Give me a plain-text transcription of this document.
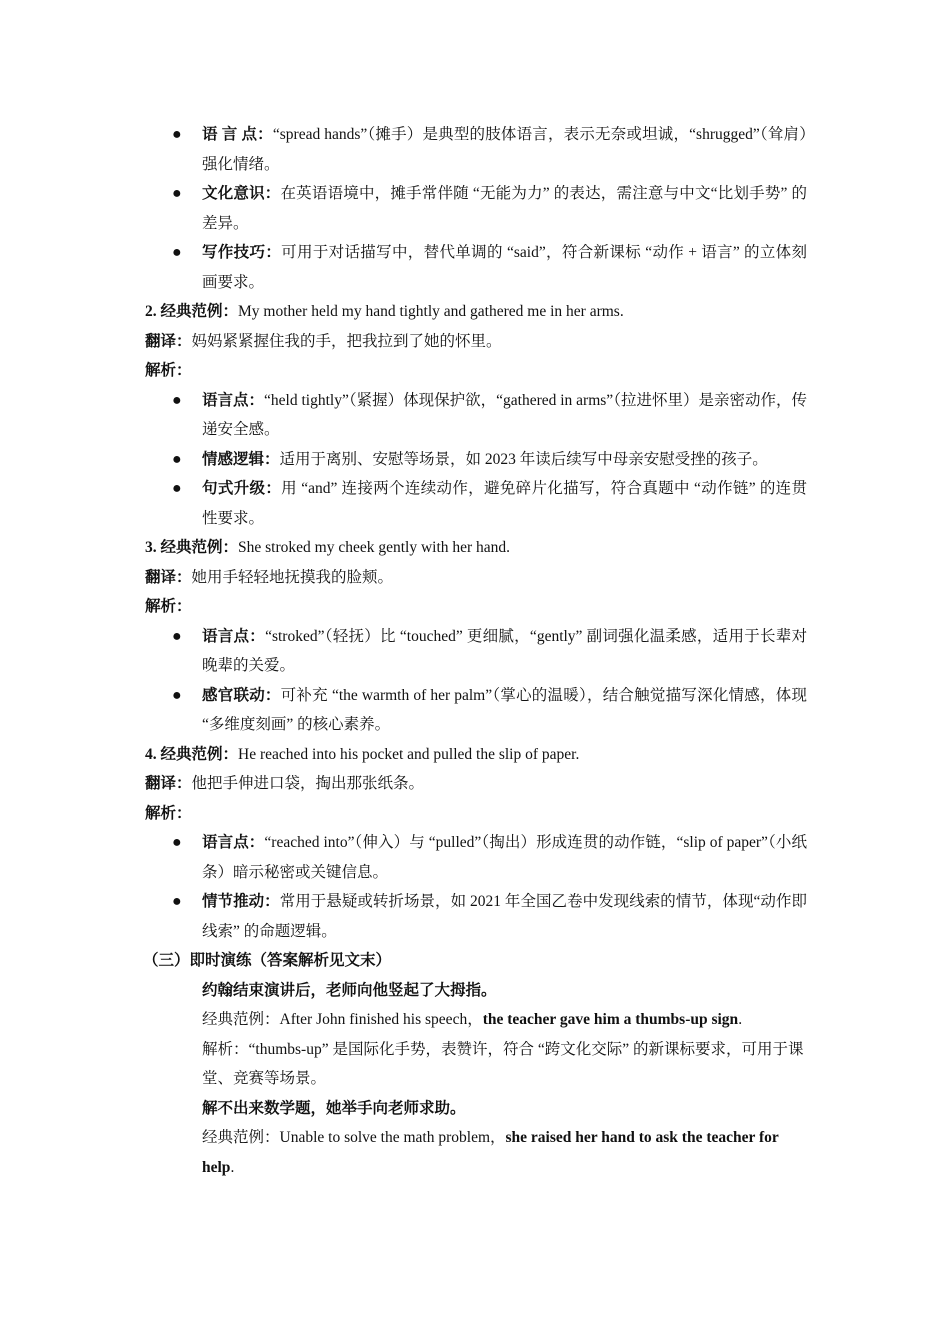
● 语 言 点：“spread hands”（摊手）是典型的肢体语言，表示无奈或坦诚，“shrugged”（耸肩）强化情绪。
● 文化意识：在英语语境中，摊手常伴随 “无能为力” 的表达，需注意与中文“比划手势” 的差异。
● 写作技巧：可用于对话描写中，替代单调的 “said”，符合新课标 “动作 + 语言” 的立体刻画要求。

2. 经典范例：My mother held my hand tightly and gathered me in her arms.

翻译：妈妈紧紧握住我的手，把我拉到了她的怀里。

解析：

● 语言点：“held tightly”（紧握）体现保护欲，“gathered in arms”（拉进怀里）是亲密动作，传递安全感。
● 情感逻辑：适用于离别、安慰等场景，如 2023 年读后续写中母亲安慰受挫的孩子。
● 句式升级：用 “and” 连接两个连续动作，避免碎片化描写，符合真题中 “动作链” 的连贯性要求。

3. 经典范例：She stroked my cheek gently with her hand.

翻译：她用手轻轻地抚摸我的脸颊。

解析：

● 语言点：“stroked”（轻抚）比 “touched” 更细腻，“gently” 副词强化温柔感，适用于长辈对晚辈的关爱。
● 感官联动：可补充 “the warmth of her palm”（掌心的温暖），结合触觉描写深化情感，体现 “多维度刻画” 的核心素养。

4. 经典范例：He reached into his pocket and pulled the slip of paper.

翻译：他把手伸进口袋，掏出那张纸条。

解析：

● 语言点：“reached into”（伸入）与 “pulled”（掏出）形成连贯的动作链，“slip of paper”（小纸条）暗示秘密或关键信息。
● 情节推动：常用于悬疑或转折场景，如 2021 年全国乙卷中发现线索的情节，体现“动作即线索” 的命题逻辑。

（三）即时演练（答案解析见文末）

约翰结束演讲后，老师向他竖起了大拇指。

经典范例：After John finished his speech，the teacher gave him a thumbs-up sign.

解析：“thumbs-up” 是国际化手势，表赞许，符合 “跨文化交际” 的新课标要求，可用于课堂、竞赛等场景。

解不出来数学题，她举手向老师求助。

经典范例：Unable to solve the math problem，she raised her hand to ask the teacher for help.
